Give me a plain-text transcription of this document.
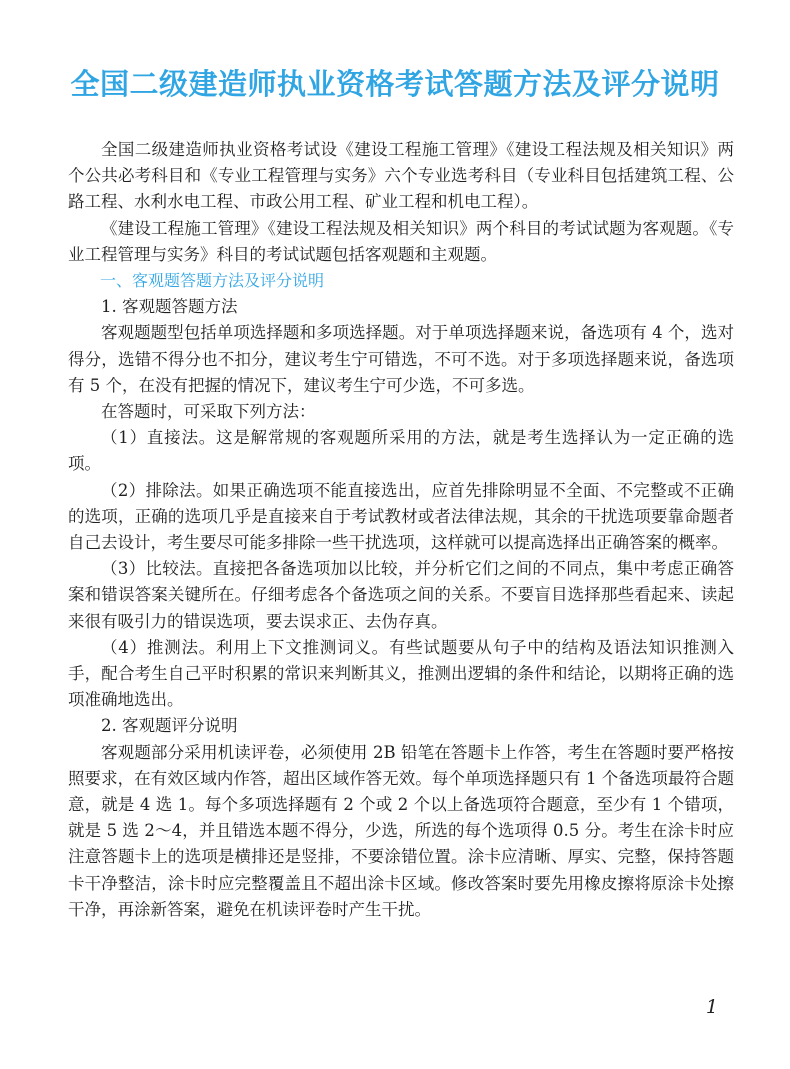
全国二级建造师执业资格考试答题方法及评分说明

全国二级建造师执业资格考试设《建设工程施工管理》《建设工程法规及相关知识》两个公共必考科目和《专业工程管理与实务》六个专业选考科目（专业科目包括建筑工程、公路工程、水利水电工程、市政公用工程、矿业工程和机电工程）。

《建设工程施工管理》《建设工程法规及相关知识》两个科目的考试试题为客观题。《专业工程管理与实务》科目的考试试题包括客观题和主观题。

一、客观题答题方法及评分说明

1. 客观题答题方法

客观题题型包括单项选择题和多项选择题。对于单项选择题来说，备选项有 4 个，选对得分，选错不得分也不扣分，建议考生宁可错选，不可不选。对于多项选择题来说，备选项有 5 个，在没有把握的情况下，建议考生宁可少选，不可多选。

在答题时，可采取下列方法：

（1）直接法。这是解常规的客观题所采用的方法，就是考生选择认为一定正确的选项。

（2）排除法。如果正确选项不能直接选出，应首先排除明显不全面、不完整或不正确的选项，正确的选项几乎是直接来自于考试教材或者法律法规，其余的干扰选项要靠命题者自己去设计，考生要尽可能多排除一些干扰选项，这样就可以提高选择出正确答案的概率。

（3）比较法。直接把各备选项加以比较，并分析它们之间的不同点，集中考虑正确答案和错误答案关键所在。仔细考虑各个备选项之间的关系。不要盲目选择那些看起来、读起来很有吸引力的错误选项，要去误求正、去伪存真。

（4）推测法。利用上下文推测词义。有些试题要从句子中的结构及语法知识推测入手，配合考生自己平时积累的常识来判断其义，推测出逻辑的条件和结论，以期将正确的选项准确地选出。

2. 客观题评分说明

客观题部分采用机读评卷，必须使用 2B 铅笔在答题卡上作答，考生在答题时要严格按照要求，在有效区域内作答，超出区域作答无效。每个单项选择题只有 1 个备选项最符合题意，就是 4 选 1。每个多项选择题有 2 个或 2 个以上备选项符合题意，至少有 1 个错项，就是 5 选 2～4，并且错选本题不得分，少选，所选的每个选项得 0.5 分。考生在涂卡时应注意答题卡上的选项是横排还是竖排，不要涂错位置。涂卡应清晰、厚实、完整，保持答题卡干净整洁，涂卡时应完整覆盖且不超出涂卡区域。修改答案时要先用橡皮擦将原涂卡处擦干净，再涂新答案，避免在机读评卷时产生干扰。

1
